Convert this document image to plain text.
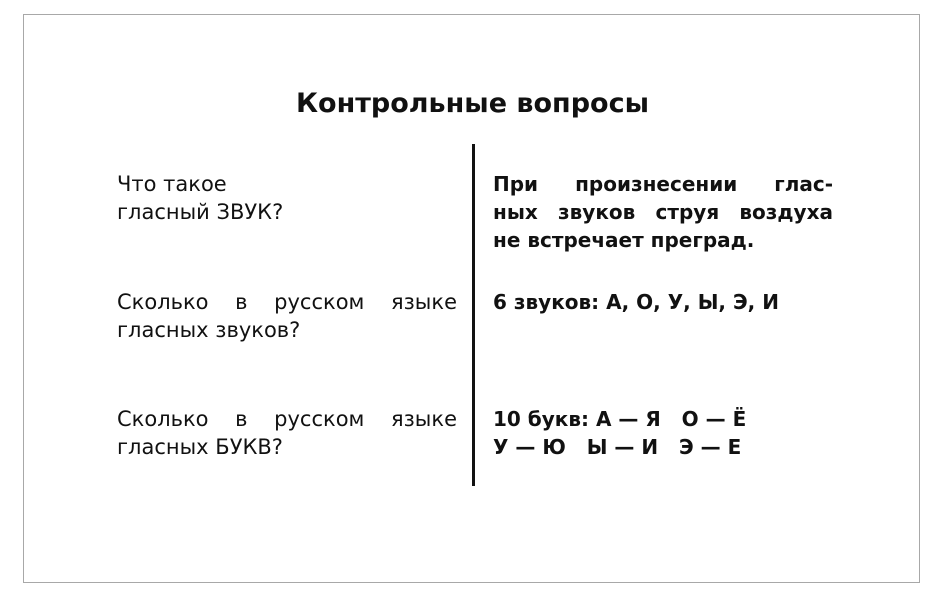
Контрольные вопросы
Что такое
гласный ЗВУК?
При произнесении глас-
ных звуков струя воздуха
не встречает преград.
Сколько в русском языке
гласных звуков?
6 звуков: А, О, У, Ы, Э, И
Сколько в русском языке
гласных БУКВ?
10 букв: А — Я   О — Ё
У — Ю   Ы — И   Э — Е
